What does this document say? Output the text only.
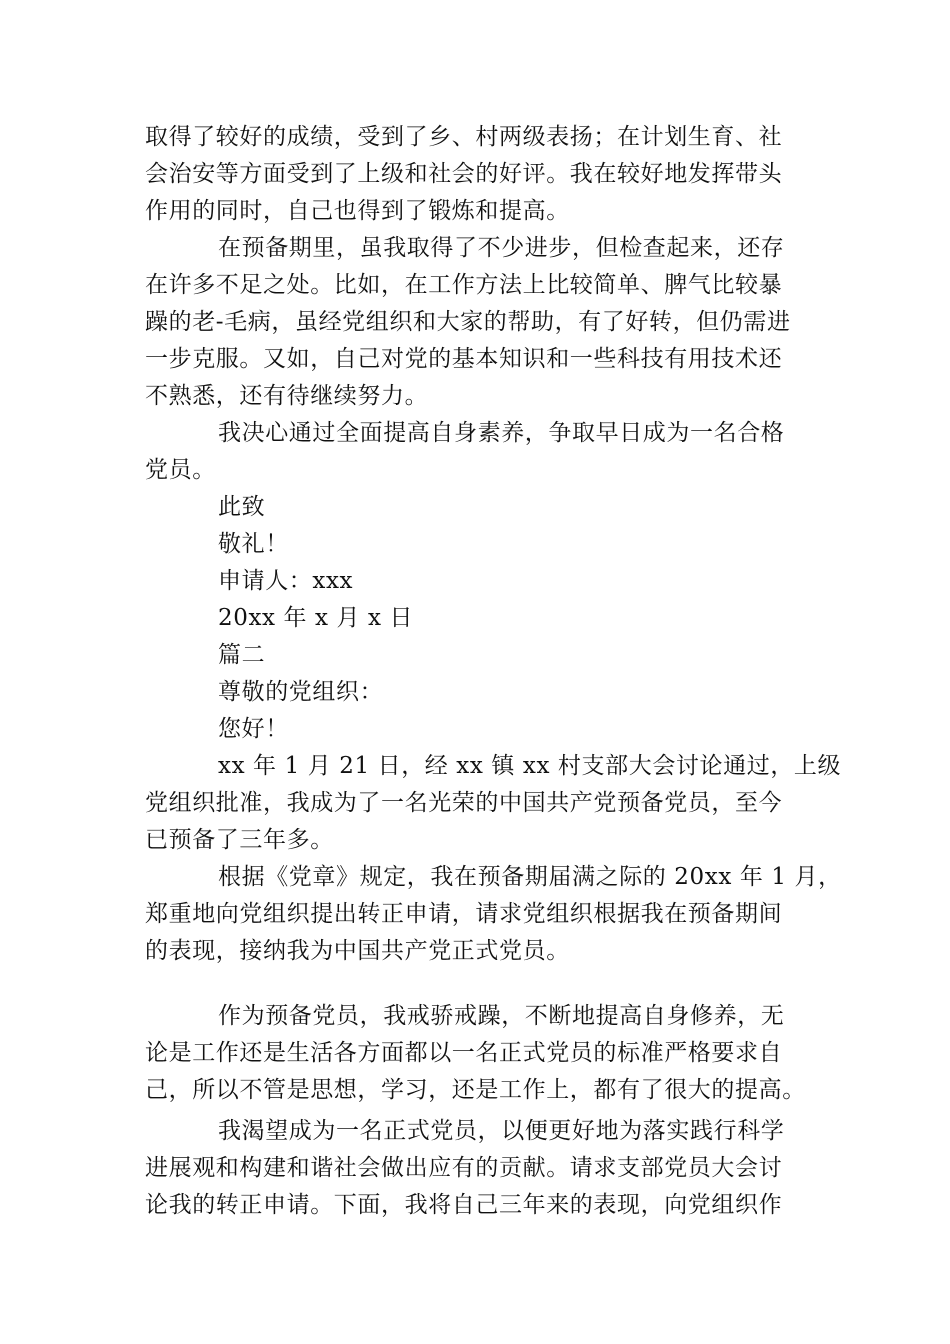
取得了较好的成绩，受到了乡、村两级表扬；在计划生育、社
会治安等方面受到了上级和社会的好评。我在较好地发挥带头
作用的同时，自己也得到了锻炼和提高。
在预备期里，虽我取得了不少进步，但检查起来，还存
在许多不足之处。比如，在工作方法上比较简单、脾气比较暴
躁的老-毛病，虽经党组织和大家的帮助，有了好转，但仍需进
一步克服。又如，自己对党的基本知识和一些科技有用技术还
不熟悉，还有待继续努力。
我决心通过全面提高自身素养，争取早日成为一名合格
党员。
此致
敬礼！
申请人：xxx
20xx 年 x 月 x 日
篇二
尊敬的党组织：
您好！
xx 年 1 月 21 日，经 xx 镇 xx 村支部大会讨论通过，上级
党组织批准，我成为了一名光荣的中国共产党预备党员，至今
已预备了三年多。
根据《党章》规定，我在预备期届满之际的 20xx 年 1 月，
郑重地向党组织提出转正申请，请求党组织根据我在预备期间
的表现，接纳我为中国共产党正式党员。
作为预备党员，我戒骄戒躁，不断地提高自身修养，无
论是工作还是生活各方面都以一名正式党员的标准严格要求自
己，所以不管是思想，学习，还是工作上，都有了很大的提高。
我渴望成为一名正式党员，以便更好地为落实践行科学
进展观和构建和谐社会做出应有的贡献。请求支部党员大会讨
论我的转正申请。下面，我将自己三年来的表现，向党组织作
